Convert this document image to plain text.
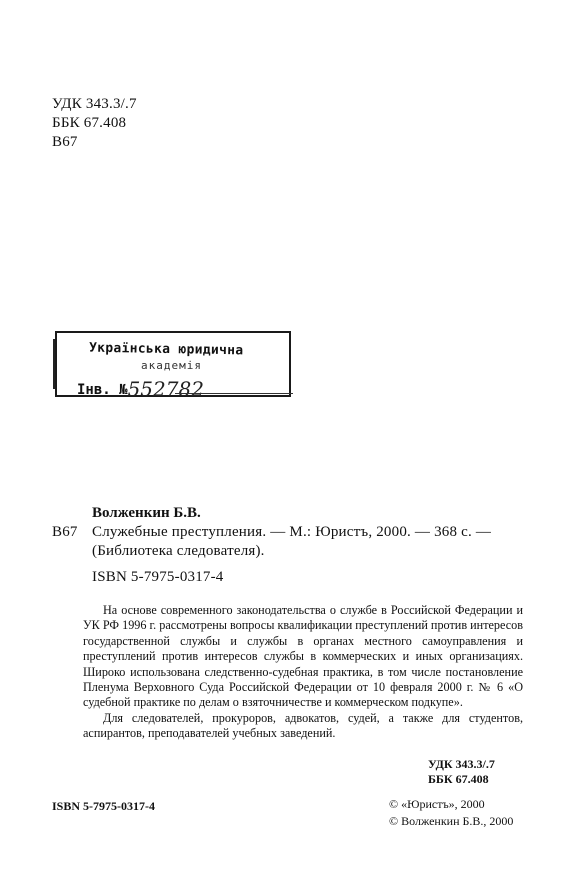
УДК 343.3/.7
ББК 67.408
В67
Українська юридична
академія
Інв. №552782
Волженкин Б.В.
В67 Служебные преступления. — М.: Юристъ, 2000. — 368 с. —
(Библиотека следователя).
ISBN 5-7975-0317-4

На основе современного законодательства о службе в Российской Федерации и УК РФ 1996 г. рассмотрены вопросы квалификации преступлений против интересов государственной службы и службы в органах местного самоуправления и преступлений против интересов службы в коммерческих и иных организациях. Широко использована следственно-судебная практика, в том числе постановление Пленума Верховного Суда Российской Федерации от 10 февраля 2000 г. № 6 «О судебной практике по делам о взяточничестве и коммерческом подкупе».

Для следователей, прокуроров, адвокатов, судей, а также для студентов, аспирантов, преподавателей учебных заведений.

УДК 343.3/.7
ББК 67.408
ISBN 5-7975-0317-4	© «Юристъ», 2000
© Волженкин Б.В., 2000
